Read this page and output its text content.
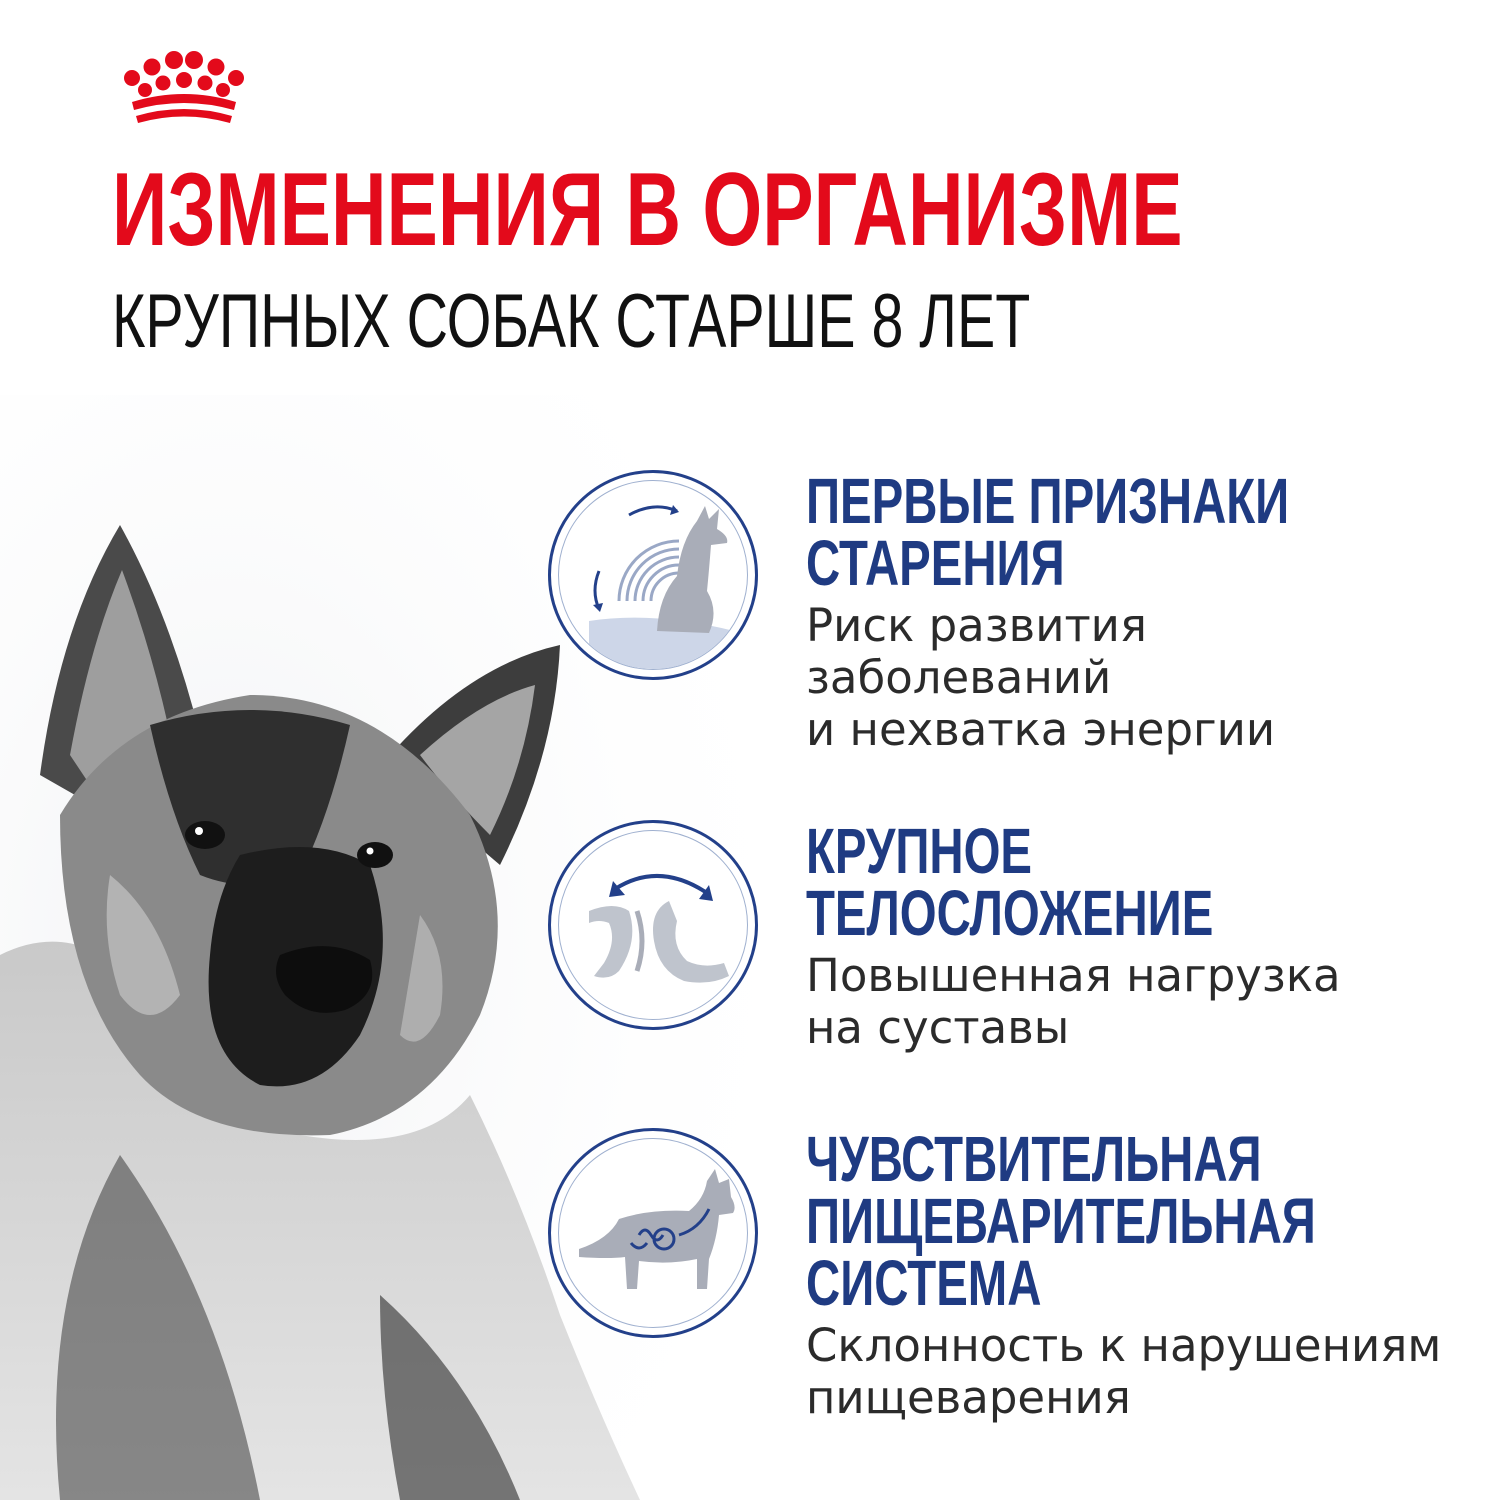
ИЗМЕНЕНИЯ В ОРГАНИЗМЕ
КРУПНЫХ СОБАК СТАРШЕ 8 ЛЕТ
ПЕРВЫЕ ПРИЗНАКИ
СТАРЕНИЯ

Риск развития
заболеваний
и нехватка энергии

КРУПНОЕ
ТЕЛОСЛОЖЕНИЕ

Повышенная нагрузка
на суставы

ЧУВСТВИТЕЛЬНАЯ
ПИЩЕВАРИТЕЛЬНАЯ
СИСТЕМА

Склонность к нарушениям
пищеварения
